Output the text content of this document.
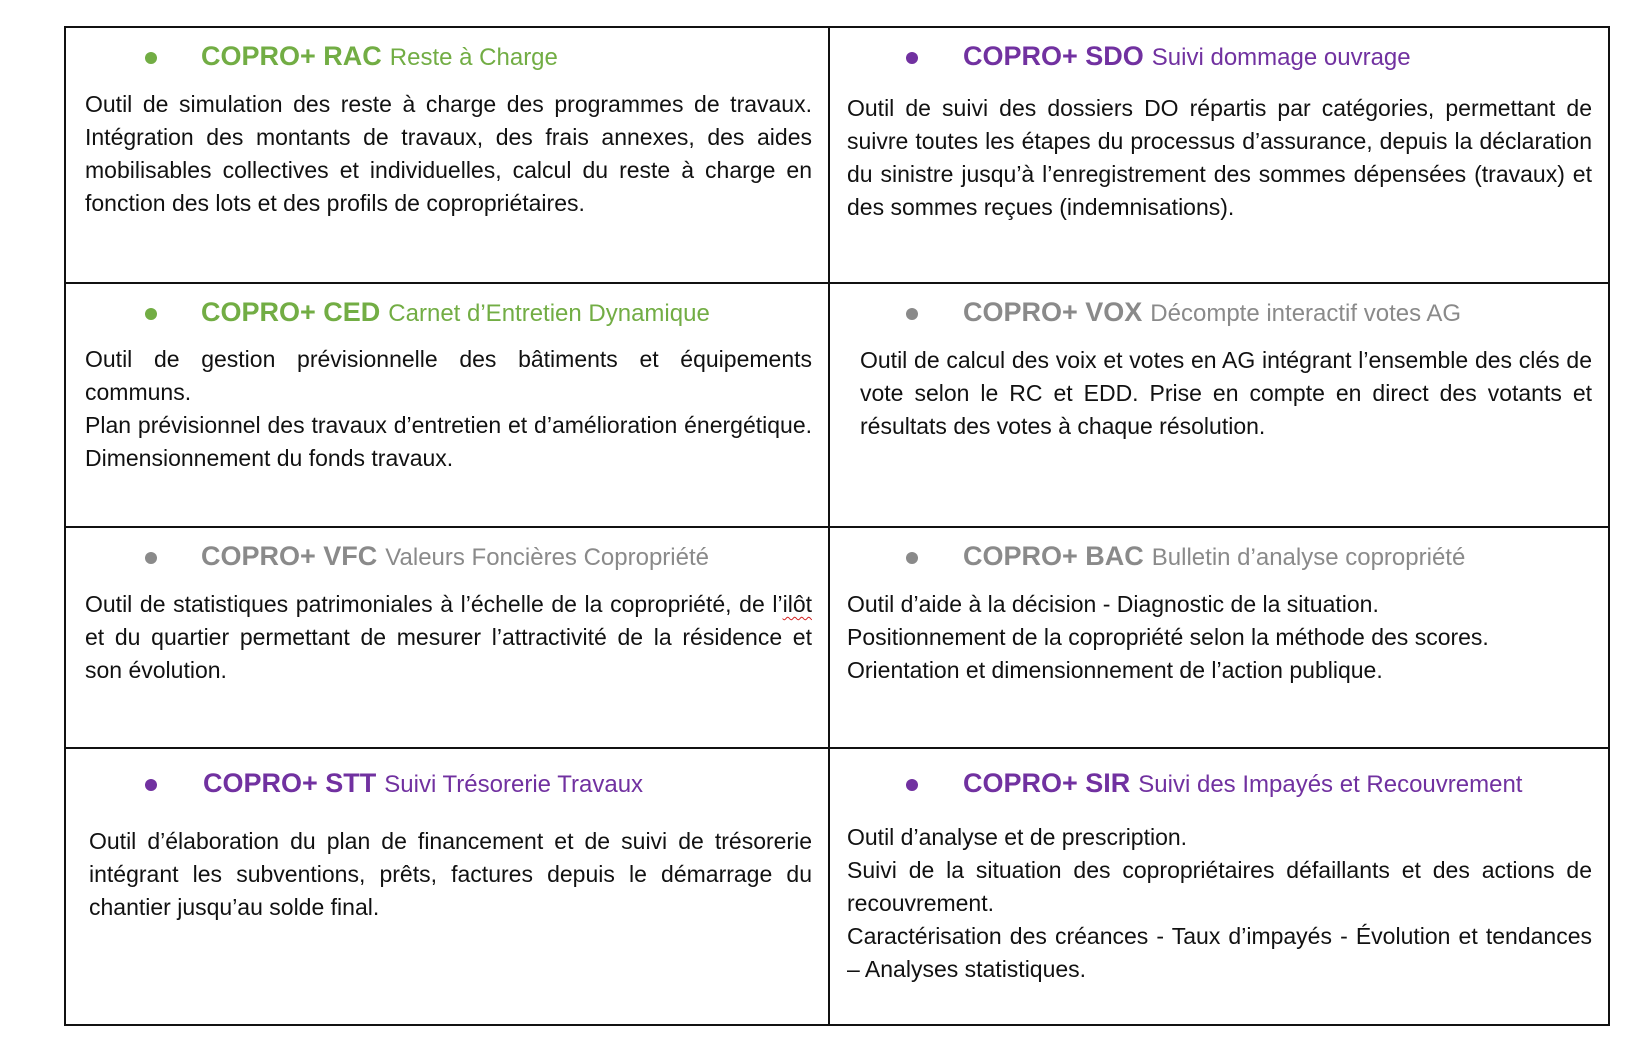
COPRO+ RAC Reste à Charge

Outil de simulation des reste à charge des programmes de travaux. Intégration des montants de travaux, des frais annexes, des aides mobilisables collectives et individuelles, calcul du reste à charge en fonction des lots et des profils de copropriétaires.

COPRO+ SDO Suivi dommage ouvrage

Outil de suivi des dossiers DO répartis par catégories, permettant de suivre toutes les étapes du processus d’assurance, depuis la déclaration du sinistre jusqu’à l’enregistrement des sommes dépensées (travaux) et des sommes reçues (indemnisations).

COPRO+ CED Carnet d’Entretien Dynamique

Outil de gestion prévisionnelle des bâtiments et équipements communs.

Plan prévisionnel des travaux d’entretien et d’amélioration énergétique. Dimensionnement du fonds travaux.

COPRO+ VOX Décompte interactif votes AG

Outil de calcul des voix et votes en AG intégrant l’ensemble des clés de vote selon le RC et EDD. Prise en compte en direct des votants et résultats des votes à chaque résolution.

COPRO+ VFC Valeurs Foncières Copropriété

Outil de statistiques patrimoniales à l’échelle de la copropriété, de l’ilôt et du quartier permettant de mesurer l’attractivité de la résidence et son évolution.

COPRO+ BAC Bulletin d’analyse copropriété

Outil d’aide à la décision - Diagnostic de la situation.

Positionnement de la copropriété selon la méthode des scores.

Orientation et dimensionnement de l’action publique.

COPRO+ STT Suivi Trésorerie Travaux

Outil d’élaboration du plan de financement et de suivi de trésorerie intégrant les subventions, prêts, factures depuis le démarrage du chantier jusqu’au solde final.

COPRO+ SIR Suivi des Impayés et Recouvrement

Outil d’analyse et de prescription.

Suivi de la situation des copropriétaires défaillants et des actions de recouvrement.

Caractérisation des créances - Taux d’impayés - Évolution et tendances – Analyses statistiques.
